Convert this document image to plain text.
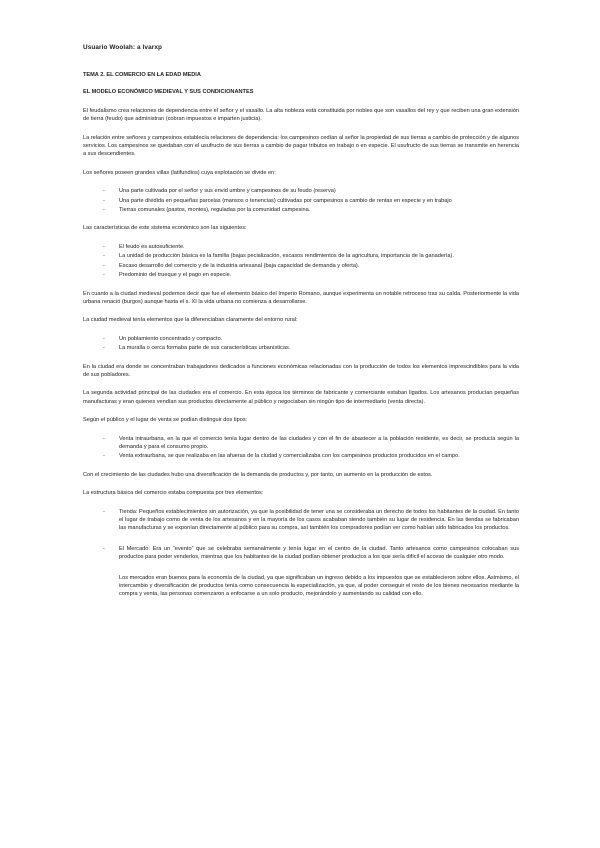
Usuario Woolah: a lvarxp
TEMA 2. EL COMERCIO EN LA EDAD MEDIA
EL MODELO ECONÓMICO MEDIEVAL Y SUS CONDICIONANTES

El feudalismo crea relaciones de dependencia entre el señor y el vasallo. La alta nobleza está constituida por nobles que son vasallos del rey y que reciben una gran extensión de tierra (feudo) que administran (cobran impuestos e imparten justicia).

La relación entre señores y campesinos establecía relaciones de dependencia: los campesinos cedían al señor la propiedad de sus tierras a cambio de protección y de algunos servicios. Los campesinos se quedaban con el usufructo de sus tierras a cambio de pagar tributos en trabajo o en especie. El usufructo de sus tierras se transmite en herencia a sus descendientes.

Los señores poseen grandes villas (latifundios) cuya explotación se divide en:

- Una parte cultivada por el señor y sus envid umbre y campesinos de su feudo (reserva)
- Una parte dividida en pequeñas parcelas (mansos o tenencias) cultivadas por campesinos a cambio de rentas en especie y en trabajo
- Tierras comunales (pastos, montes), reguladas por la comunidad campesina.

Las características de este sistema económico son las siguientes:

- El feudo es autosuficiente.
- La unidad de producción básica es la familia (bajas pecialización, escasos rendimientos de la agricultura, importancia de la ganadería).
- Escaso desarrollo del comercio y de la industria artesanal (baja capacidad de demanda y oferta).
- Predominio del trueque y el pago en especie.

En cuanto a la ciudad medieval podemos decir que fue el elemento básico del Imperio Romano, aunque experimenta un notable retroceso tras su caída. Posteriormente la vida urbana renació (burgos) aunque hasta el s. XI la vida urbana no comienza a desarrollarse.

La ciudad medieval tenía elementos que la diferenciaban claramente del entorno rural:

- Un poblamiento concentrado y compacto.
- La muralla o cerca formaba parte de sus características urbanísticas.

En la ciudad era donde se concentraban trabajadores dedicados a funciones económicas relacionadas con la producción de todos los elementos imprescindibles para la vida de sus pobladores.

La segunda actividad principal de las ciudades era el comercio. En esta época los términos de fabricante y comerciante estaban ligados. Los artesanos producían pequeñas manufacturas y eran quienes vendían sus productos directamente al público y negociaban sin ningún tipo de intermediario (venta directa).

Según el público y el lugar de venta se podían distinguir dos tipos:

- Venta intraurbana, en la que el comercio tenía lugar dentro de las ciudades y con el fin de abastecer a la población residente, es decir, se producía según la demanda y para el consumo propio.
- Venta extraurbana, se que realizaba en las afueras de la ciudad y comercializaba con los campesinos productos producidos en el campo.

Con el crecimiento de las ciudades hubo una diversificación de la demanda de productos y, por tanto, un aumento en la producción de estos.

La estructura básica del comercio estaba compuesta por tres elementos:

- Tienda: Pequeños establecimientos sin autorización, ya que la posibilidad de tener una se consideraba un derecho de todos los habitantes de la ciudad. En tanto el lugar de trabajo como de venta de los artesanos y en la mayoría de los casos acababan siendo también su lugar de residencia. En las tiendas se fabricaban las manufacturas y se exponían directamente al público para su compra, así también los compradores podían ver como habían sido fabricados los productos.
- El Mercado: Era un “evento” que se celebraba semanalmente y tenía lugar en el centro de la ciudad. Tanto artesanos como campesinos colocaban sus productos para poder venderlos, mientras que los habitantes de la ciudad podían obtener productos a los que sería difícil el acceso de cualquier otro modo.

Los mercados eran buenos para la economía de la ciudad, ya que significaban un ingreso debido a los impuestos que se establecieron sobre ellos. Asimismo, el intercambio y diversificación de productos tenía como consecuencia la especialización, ya que, al poder conseguir el resto de los bienes necesarios mediante la compra y venta, las personas comenzaron a enfocarse a un solo producto, mejorándolo y aumentando su calidad con ello.
